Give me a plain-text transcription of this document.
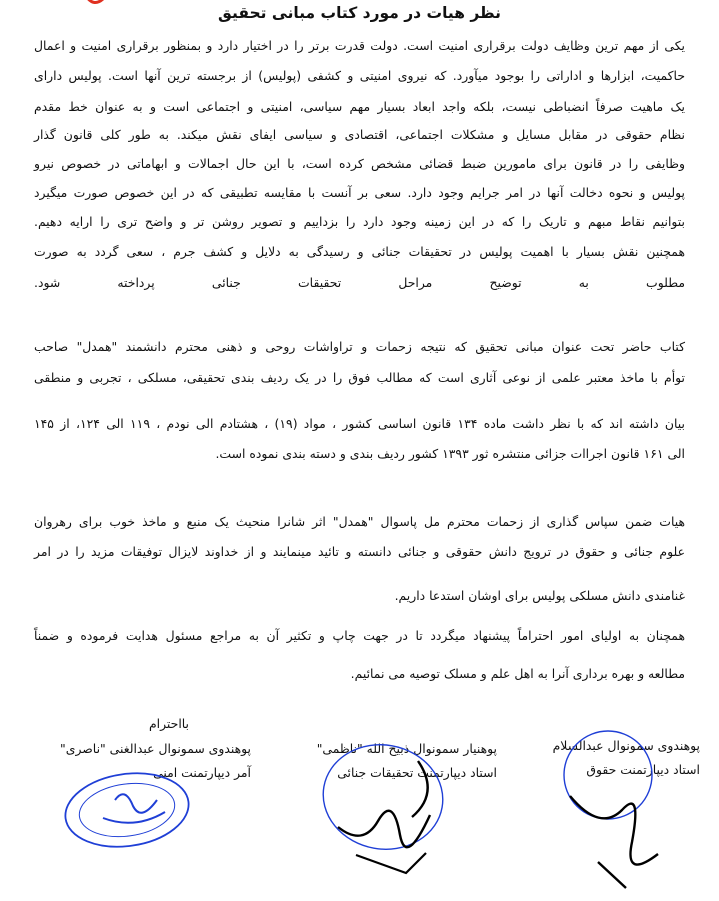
نظر هیات در مورد کتاب مبانی تحقیق
یکی از مهم ترین وظایف دولت برقراری امنیت است. دولت قدرت برتر را در اختیار دارد و بمنظور برقراری امنیت و اعمال
حاکمیت، ابزارها و اداراتی را بوجود میآورد. که نیروی امنیتی و کشفی (پولیس) از برجسته ترین آنها است. پولیس دارای
یک ماهیت صرفاً انضباطی نیست، بلکه واجد ابعاد بسیار مهم سیاسی، امنیتی و اجتماعی است و به عنوان خط مقدم
نظام حقوقی در مقابل مسایل و مشکلات اجتماعی، اقتصادی و سیاسی ایفای نقش میکند. به طور کلی قانون گذار
وظایفی را در قانون برای مامورین ضبط قضائی مشخص کرده است، با این حال اجمالات و ابهاماتی در خصوص نیرو
پولیس و نحوه دخالت آنها در امر جرایم وجود دارد. سعی بر آنست با مقایسه تطبیقی که در این خصوص صورت میگیرد
بتوانیم نقاط مبهم و تاریک را که در این زمینه وجود دارد را بزداییم و تصویر روشن تر و واضح تری را ارایه دهیم.
همچنین نقش بسیار با اهمیت پولیس در تحقیقات جنائی و رسیدگی به دلایل و کشف جرم ، سعی گردد به صورت
مطلوب به توضیح مراحل تحقیقات جنائی پرداخته شود.
کتاب حاضر تحت عنوان مبانی تحقیق که نتیجه زحمات و تراواشات روحی و ذهنی محترم دانشمند "همدل" صاحب
توأم با ماخذ معتبر علمی از نوعی آثاری است که مطالب فوق را در یک ردیف بندی تحقیقی، مسلکی ، تجربی و منطقی
بیان داشته اند که با نظر داشت ماده ۱۳۴ قانون اساسی کشور ، مواد (۱۹) ، هشتادم الی نودم ، ۱۱۹ الی ۱۲۴، از ۱۴۵
الی ۱۶۱ قانون اجراات جزائی منتشره ثور ۱۳۹۳ کشور ردیف بندی و دسته بندی نموده است.
هیات ضمن سپاس گذاری از زحمات محترم مل پاسوال "همدل" اثر شانرا منحیث یک منبع و ماخذ خوب برای رهروان
علوم جنائی و حقوق در ترویج دانش حقوقی و جنائی دانسته و تائید مینمایند و از خداوند لایزال توفیقات مزید را در امر
غنامندی دانش مسلکی پولیس برای اوشان استدعا داریم.
همچنان به اولیای امور احتراماً پیشنهاد میگردد تا در جهت چاپ و تکثیر آن به مراجع مسئول هدایت فرموده و ضمناً
مطالعه و بهره برداری آنرا به اهل علم و مسلک توصیه می نمائیم.
بااحترام
پوهندوی سمونوال عبدالسلام
استاد دیپارتمنت حقوق
پوهنیار سمونوال ذبیح الله "ناظمی"
استاد دیپارتمنت تحقیقات جنائی
پوهندوی سمونوال عبدالغنی "ناصری"
آمر دیپارتمنت امنی
